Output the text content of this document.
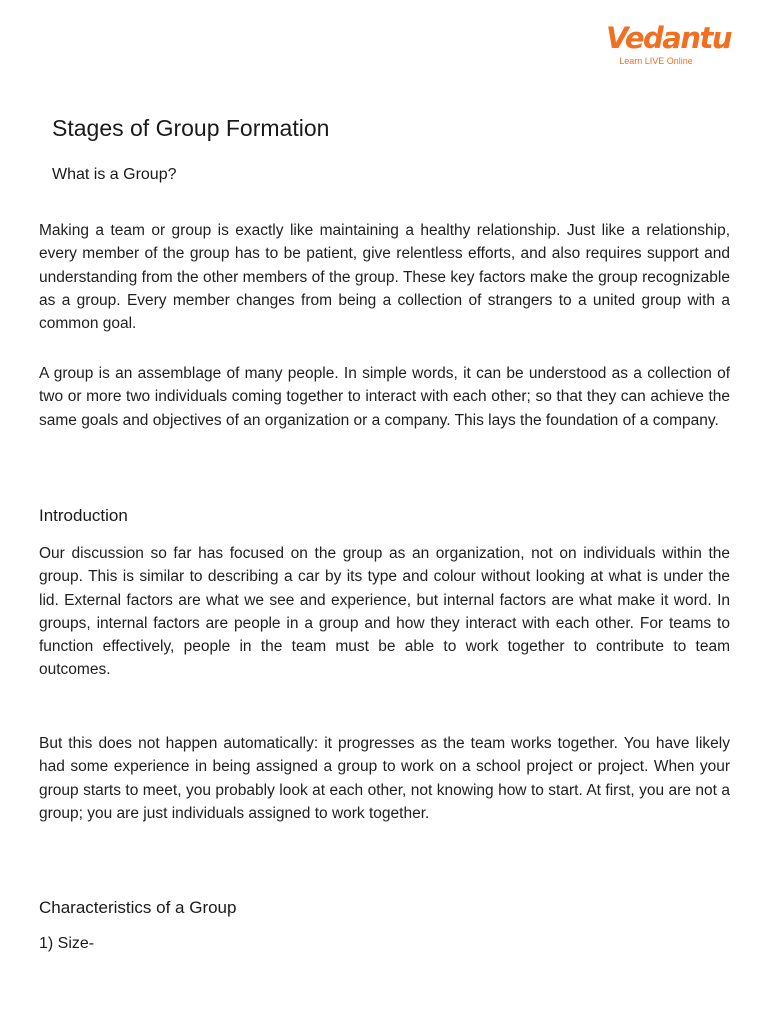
Vedantu
Learn LIVE Online
Stages of Group Formation
What is a Group?

Making a team or group is exactly like maintaining a healthy relationship. Just like a relationship, every member of the group has to be patient, give relentless efforts, and also requires support and understanding from the other members of the group. These key factors make the group recognizable as a group. Every member changes from being a collection of strangers to a united group with a common goal.

A group is an assemblage of many people. In simple words, it can be understood as a collection of two or more two individuals coming together to interact with each other; so that they can achieve the same goals and objectives of an organization or a company. This lays the foundation of a company.

Introduction

Our discussion so far has focused on the group as an organization, not on individuals within the group. This is similar to describing a car by its type and colour without looking at what is under the lid. External factors are what we see and experience, but internal factors are what make it word. In groups, internal factors are people in a group and how they interact with each other. For teams to function effectively, people in the team must be able to work together to contribute to team outcomes.

But this does not happen automatically: it progresses as the team works together. You have likely had some experience in being assigned a group to work on a school project or project. When your group starts to meet, you probably look at each other, not knowing how to start. At first, you are not a group; you are just individuals assigned to work together.

Characteristics of a Group
1) Size-
